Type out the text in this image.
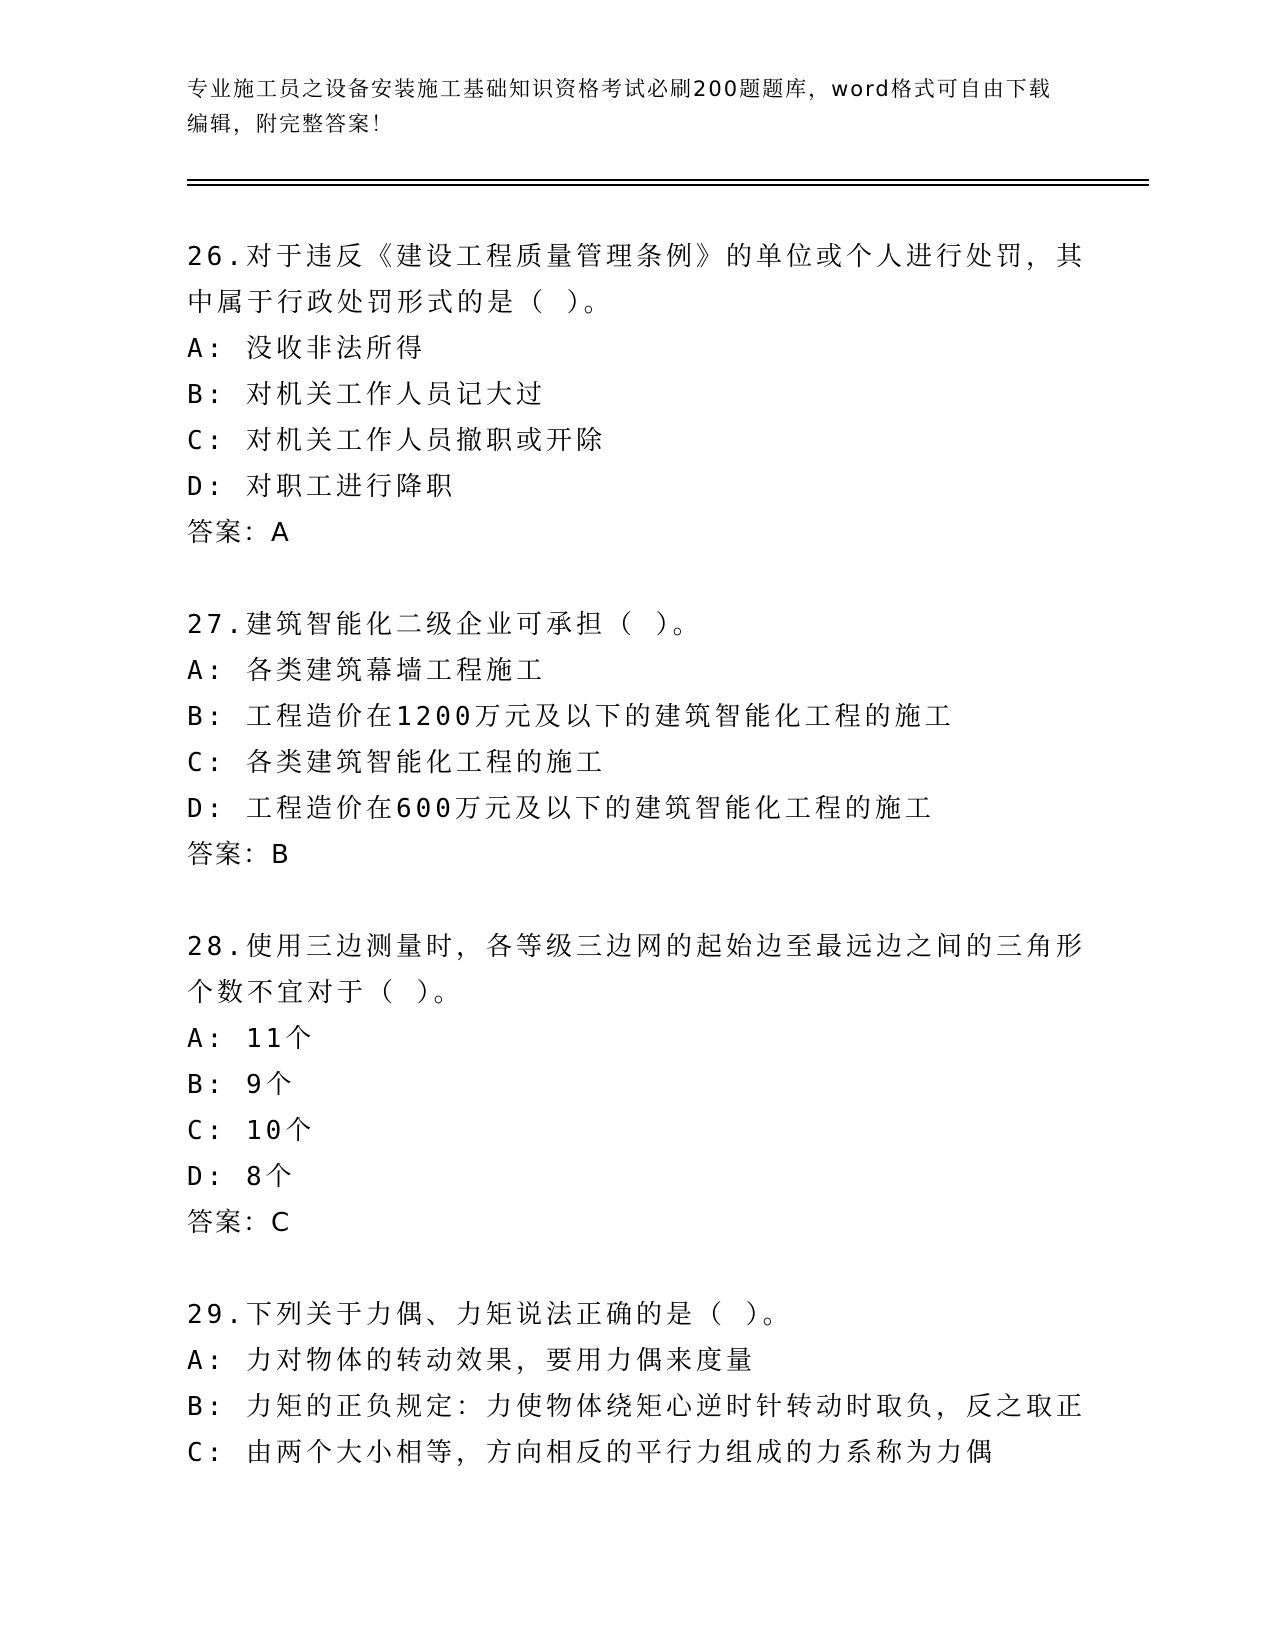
专业施工员之设备安装施工基础知识资格考试必刷200题题库，word格式可自由下载编辑，附完整答案！
26.对于违反《建设工程质量管理条例》的单位或个人进行处罚，其中属于行政处罚形式的是（ ）。
A: 没收非法所得
B: 对机关工作人员记大过
C: 对机关工作人员撤职或开除
D: 对职工进行降职
答案：A
27.建筑智能化二级企业可承担（ ）。
A: 各类建筑幕墙工程施工
B: 工程造价在1200万元及以下的建筑智能化工程的施工
C: 各类建筑智能化工程的施工
D: 工程造价在600万元及以下的建筑智能化工程的施工
答案：B
28.使用三边测量时，各等级三边网的起始边至最远边之间的三角形个数不宜对于（ ）。
A: 11个
B: 9个
C: 10个
D: 8个
答案：C
29.下列关于力偶、力矩说法正确的是（ ）。
A: 力对物体的转动效果，要用力偶来度量
B: 力矩的正负规定：力使物体绕矩心逆时针转动时取负，反之取正
C: 由两个大小相等，方向相反的平行力组成的力系称为力偶
